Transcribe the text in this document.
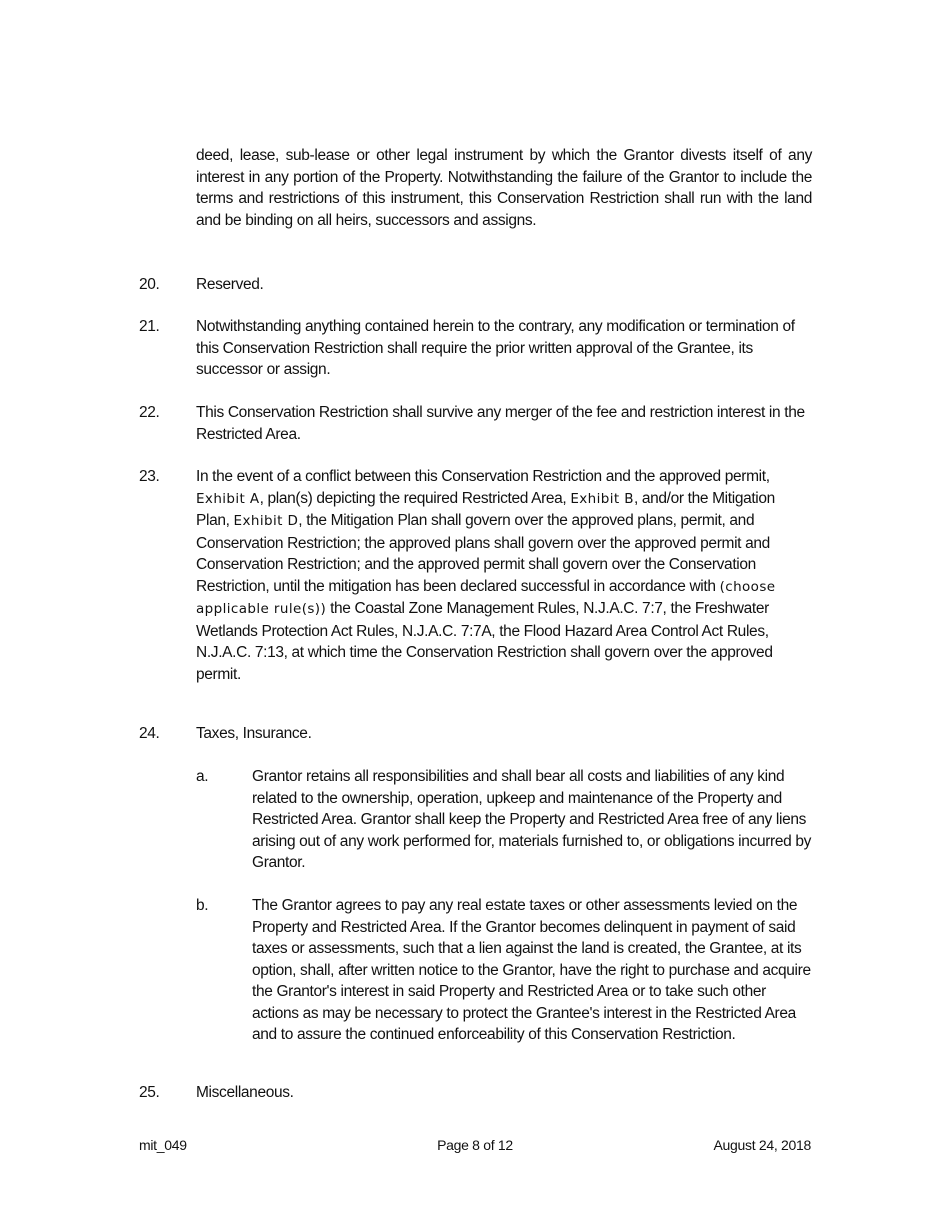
deed, lease, sub-lease or other legal instrument by which the Grantor divests itself of any interest in any portion of the Property. Notwithstanding the failure of the Grantor to include the terms and restrictions of this instrument, this Conservation Restriction shall run with the land and be binding on all heirs, successors and assigns.
20. Reserved.
21. Notwithstanding anything contained herein to the contrary, any modification or termination of this Conservation Restriction shall require the prior written approval of the Grantee, its successor or assign.
22. This Conservation Restriction shall survive any merger of the fee and restriction interest in the Restricted Area.
23. In the event of a conflict between this Conservation Restriction and the approved permit, Exhibit A, plan(s) depicting the required Restricted Area, Exhibit B, and/or the Mitigation Plan, Exhibit D, the Mitigation Plan shall govern over the approved plans, permit, and Conservation Restriction; the approved plans shall govern over the approved permit and Conservation Restriction; and the approved permit shall govern over the Conservation Restriction, until the mitigation has been declared successful in accordance with (choose applicable rule(s)) the Coastal Zone Management Rules, N.J.A.C. 7:7, the Freshwater Wetlands Protection Act Rules, N.J.A.C. 7:7A, the Flood Hazard Area Control Act Rules, N.J.A.C. 7:13, at which time the Conservation Restriction shall govern over the approved permit.
24. Taxes, Insurance.
a.	Grantor retains all responsibilities and shall bear all costs and liabilities of any kind related to the ownership, operation, upkeep and maintenance of the Property and Restricted Area. Grantor shall keep the Property and Restricted Area free of any liens arising out of any work performed for, materials furnished to, or obligations incurred by Grantor.
b.	The Grantor agrees to pay any real estate taxes or other assessments levied on the Property and Restricted Area. If the Grantor becomes delinquent in payment of said taxes or assessments, such that a lien against the land is created, the Grantee, at its option, shall, after written notice to the Grantor, have the right to purchase and acquire the Grantor's interest in said Property and Restricted Area or to take such other actions as may be necessary to protect the Grantee's interest in the Restricted Area and to assure the continued enforceability of this Conservation Restriction.
25. Miscellaneous.
mit_049	Page 8 of 12	August 24, 2018
